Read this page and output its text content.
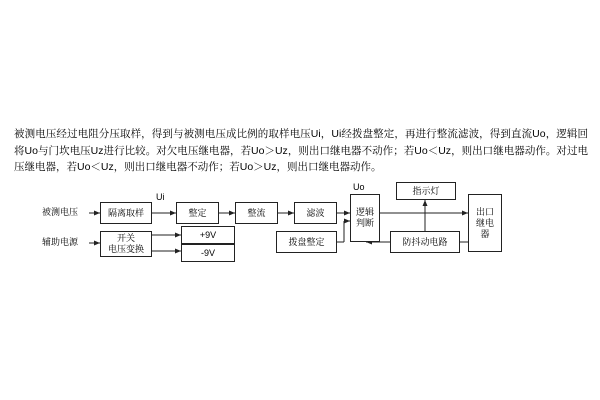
被测电压经过电阻分压取样，得到与被测电压成比例的取样电压Ui，Ui经拨盘整定，再进行整流滤波，得到直流Uo，逻辑回将Uo与门坎电压Uz进行比较。对欠电压继电器，若Uo＞Uz，则出口继电器不动作；若Uo＜Uz，则出口继电器动作。对过电压继电器，若Uo＜Uz，则出口继电器不动作；若Uo＞Uz，则出口继电器动作。
被测电压	隔离取样
Ui
整定	整流	滤波
Uo
逻辑
判断
出口
继电
器
辅助电源	开关
电压变换
+9V
-9V
拨盘整定	防抖动电路
指示灯
